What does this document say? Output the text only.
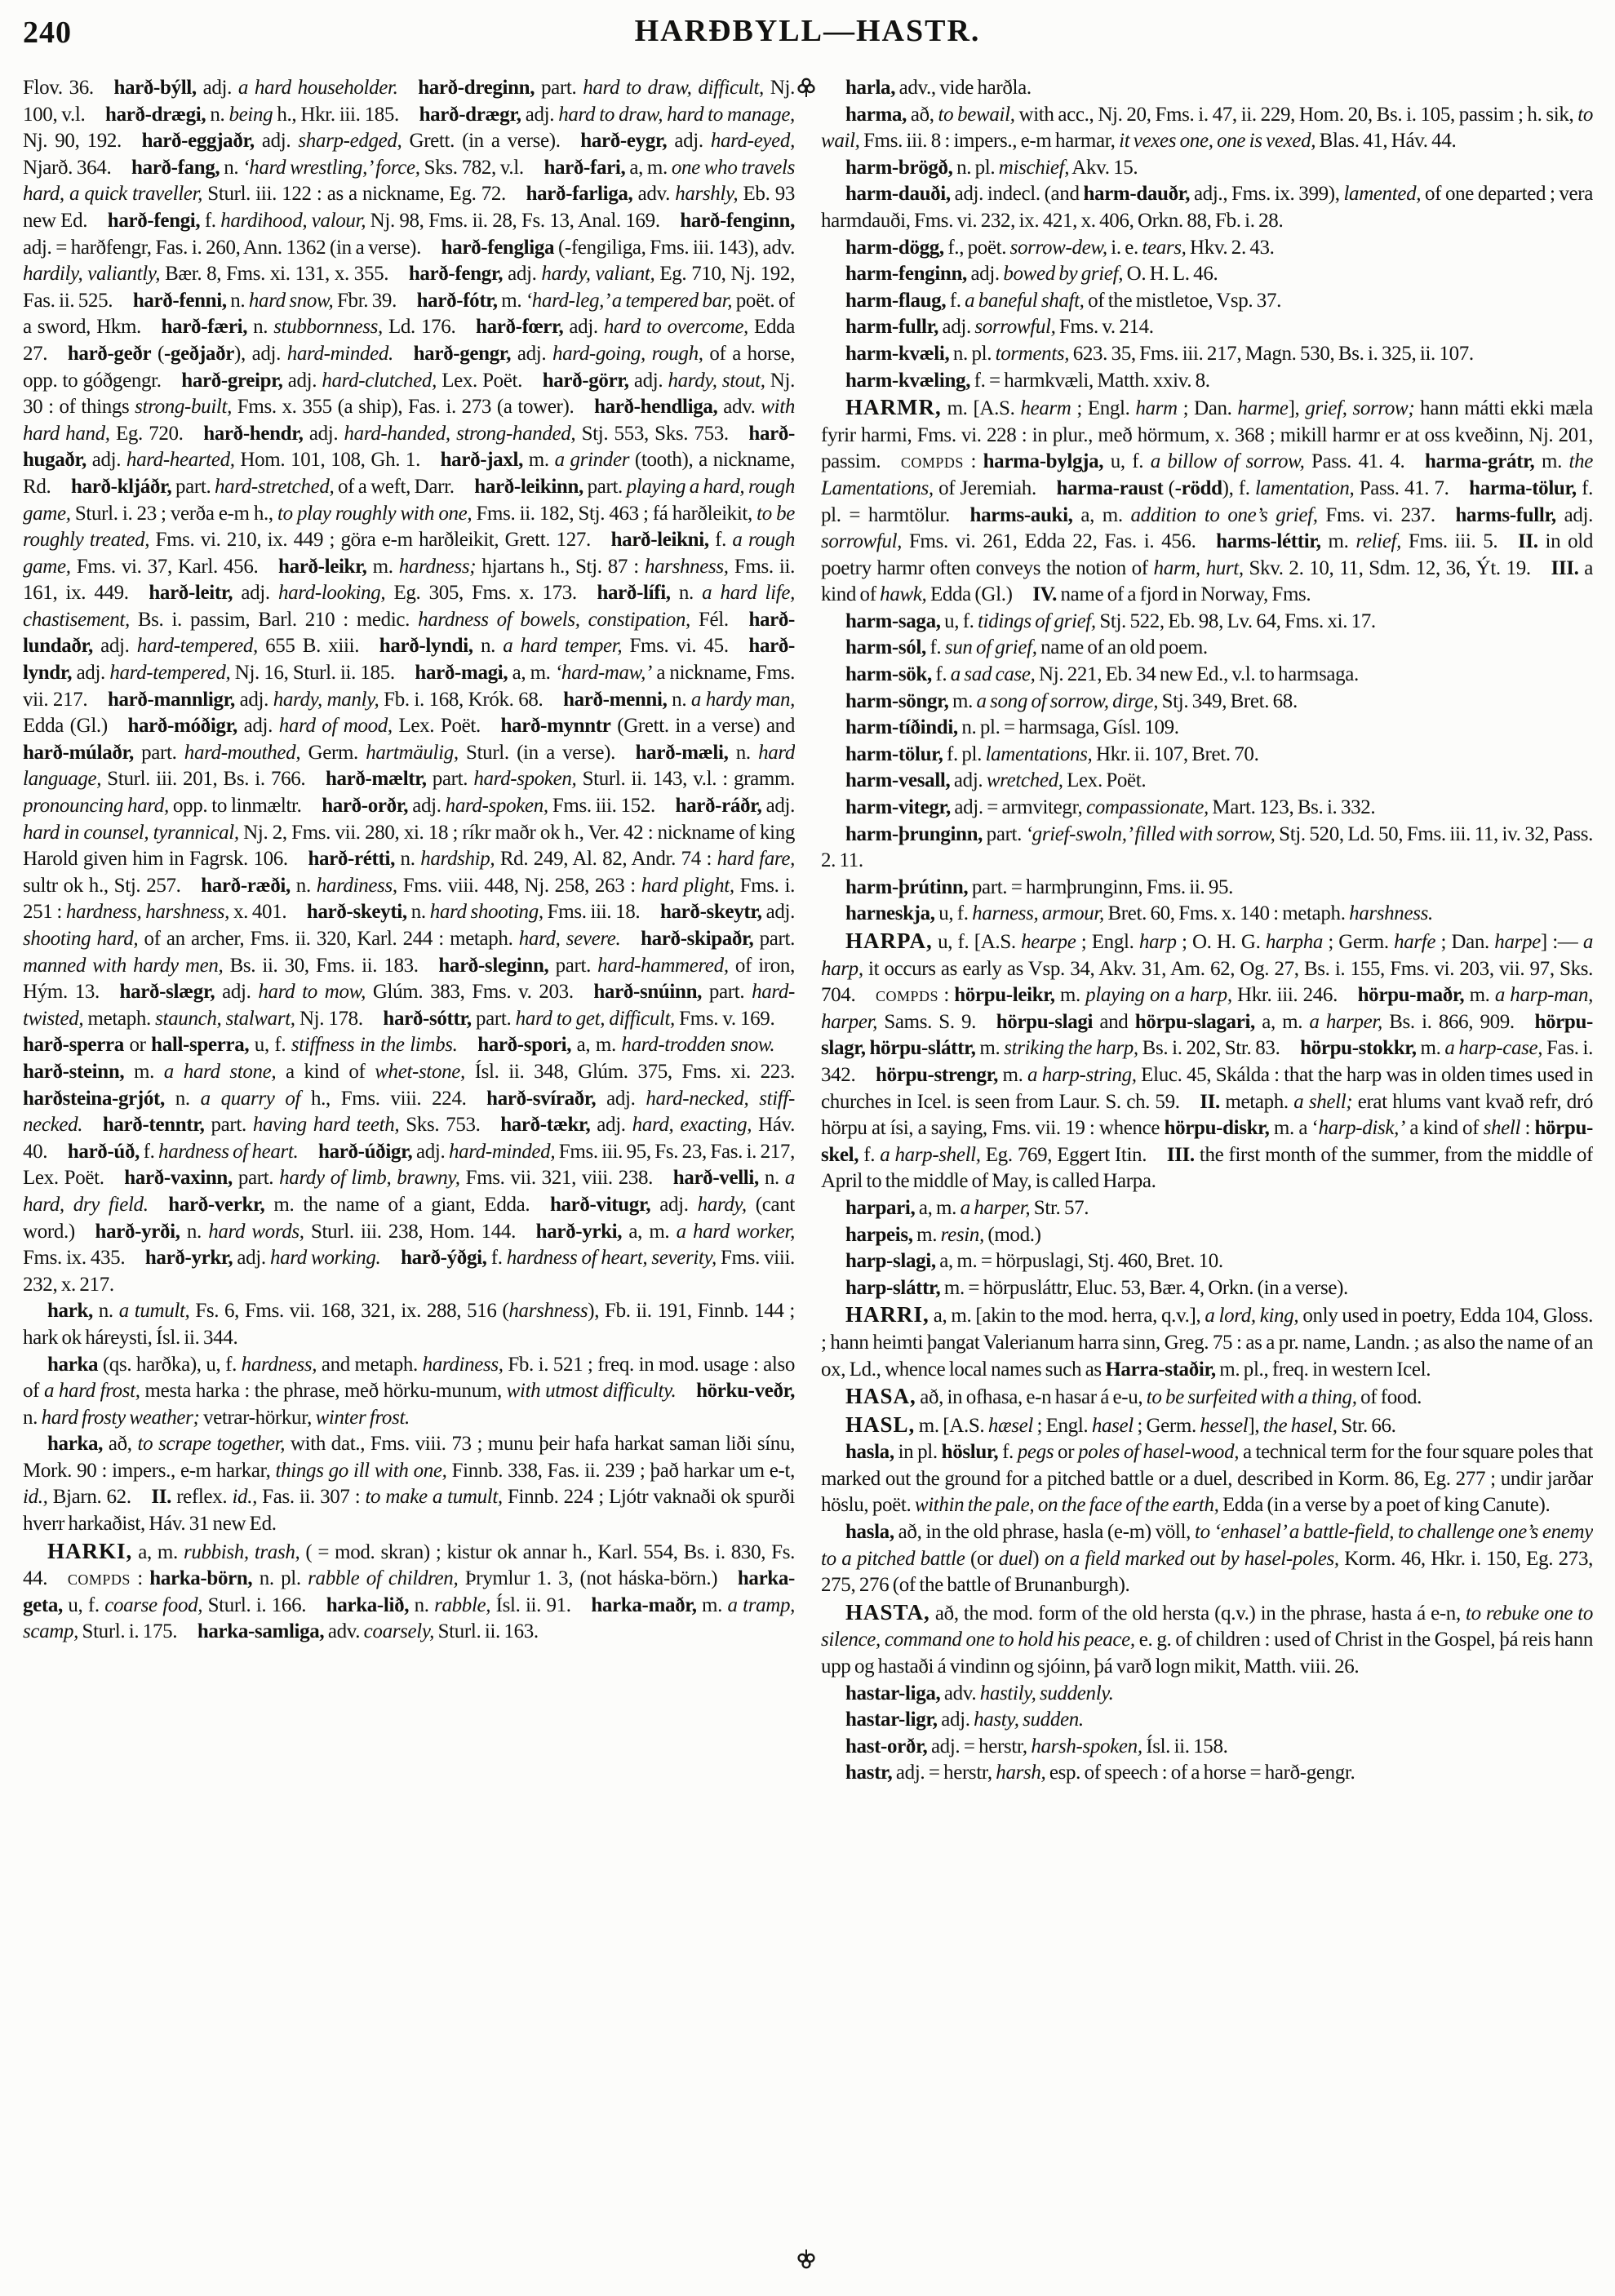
240	HARÐBYLL—HASTR.

Flov. 36. harð-býll, adj. a hard householder.  harð-dreginn, part. hard to draw, difficult, Nj. 100, v.l. harð-drægi, n. being h., Hkr. iii. 185. harð-drægr, adj. hard to draw, hard to manage, Nj. 90, 192. harð-eggjaðr, adj. sharp-edged, Grett. (in a verse). harð-eygr, adj. hard-eyed, Njarð. 364. harð-fang, n. ‘hard wrestling,’ force, Sks. 782, v.l. harð-fari, a, m. one who travels hard, a quick traveller, Sturl. iii. 122 : as a nickname, Eg. 72. harð-farliga, adv. harshly, Eb. 93 new Ed. harð-fengi, f. hardihood, valour, Nj. 98, Fms. ii. 28, Fs. 13, Anal. 169. harð-fenginn, adj. = harðfengr, Fas. i. 260, Ann. 1362 (in a verse). harð-fengliga (-fengiliga, Fms. iii. 143), adv. hardily, valiantly, Bær. 8, Fms. xi. 131, x. 355. harð-fengr, adj. hardy, valiant, Eg. 710, Nj. 192, Fas. ii. 525. harð-fenni, n. hard snow, Fbr. 39. harð-fótr, m. ‘hard-leg,’ a tempered bar, poët. of a sword, Hkm. harð-færi, n. stubbornness, Ld. 176. harð-fœrr, adj. hard to overcome, Edda 27. harð-geðr (-geðjaðr), adj. hard-minded.  harð-gengr, adj. hard-going, rough, of a horse, opp. to góðgengr. harð-greipr, adj. hard-clutched, Lex. Poët. harð-görr, adj. hardy, stout, Nj. 30 : of things strong-built, Fms. x. 355 (a ship), Fas. i. 273 (a tower). harð-hendliga, adv. with hard hand, Eg. 720. harð-hendr, adj. hard-handed, strong-handed, Stj. 553, Sks. 753. harð-hugaðr, adj. hard-hearted, Hom. 101, 108, Gh. 1. harð-jaxl, m. a grinder (tooth), a nickname, Rd. harð-kljáðr, part. hard-stretched, of a weft, Darr. harð-leikinn, part. playing a hard, rough game, Sturl. i. 23 ; verða e-m h., to play roughly with one, Fms. ii. 182, Stj. 463 ; fá harðleikit, to be roughly treated, Fms. vi. 210, ix. 449 ; göra e-m harðleikit, Grett. 127. harð-leikni, f. a rough game, Fms. vi. 37, Karl. 456. harð-leikr, m. hardness; hjartans h., Stj. 87 : harshness, Fms. ii. 161, ix. 449. harð-leitr, adj. hard-looking, Eg. 305, Fms. x. 173. harð-lífi, n. a hard life, chastisement, Bs. i. passim, Barl. 210 : medic. hardness of bowels, constipation, Fél. harð-lundaðr, adj. hard-tempered, 655 B. xiii. harð-lyndi, n. a hard temper, Fms. vi. 45. harð-lyndr, adj. hard-tempered, Nj. 16, Sturl. ii. 185. harð-magi, a, m. ‘hard-maw,’ a nickname, Fms. vii. 217. harð-mannligr, adj. hardy, manly, Fb. i. 168, Krók. 68. harð-menni, n. a hardy man, Edda (Gl.) harð-móðigr, adj. hard of mood, Lex. Poët. harð-mynntr (Grett. in a verse) and harð-múlaðr, part. hard-mouthed, Germ. hartmäulig, Sturl. (in a verse). harð-mæli, n. hard language, Sturl. iii. 201, Bs. i. 766. harð-mæltr, part. hard-spoken, Sturl. ii. 143, v.l. : gramm. pronouncing hard, opp. to linmæltr. harð-orðr, adj. hard-spoken, Fms. iii. 152. harð-ráðr, adj. hard in counsel, tyrannical, Nj. 2, Fms. vii. 280, xi. 18 ; ríkr maðr ok h., Ver. 42 : nickname of king Harold given him in Fagrsk. 106. harð-rétti, n. hardship, Rd. 249, Al. 82, Andr. 74 : hard fare, sultr ok h., Stj. 257. harð-ræði, n. hardiness, Fms. viii. 448, Nj. 258, 263 : hard plight, Fms. i. 251 : hardness, harshness, x. 401. harð-skeyti, n. hard shooting, Fms. iii. 18. harð-skeytr, adj. shooting hard, of an archer, Fms. ii. 320, Karl. 244 : metaph. hard, severe.  harð-skipaðr, part. manned with hardy men, Bs. ii. 30, Fms. ii. 183. harð-sleginn, part. hard-hammered, of iron, Hým. 13. harð-slægr, adj. hard to mow, Glúm. 383, Fms. v. 203. harð-snúinn, part. hard-twisted, metaph. staunch, stalwart, Nj. 178. harð-sóttr, part. hard to get, difficult, Fms. v. 169. harð-sperra or hall-sperra, u, f. stiffness in the limbs.  harð-spori, a, m. hard-trodden snow. harð-steinn, m. a hard stone, a kind of whet-stone, Ísl. ii. 348, Glúm. 375, Fms. xi. 223. harðsteina-grjót, n. a quarry of h., Fms. viii. 224. harð-svíraðr, adj. hard-necked, stiff-necked.  harð-tenntr, part. having hard teeth, Sks. 753. harð-tækr, adj. hard, exacting, Háv. 40. harð-úð, f. hardness of heart.  harð-úðigr, adj. hard-minded, Fms. iii. 95, Fs. 23, Fas. i. 217, Lex. Poët. harð-vaxinn, part. hardy of limb, brawny, Fms. vii. 321, viii. 238. harð-velli, n. a hard, dry field.  harð-verkr, m. the name of a giant, Edda. harð-vitugr, adj. hardy, (cant word.) harð-yrði, n. hard words, Sturl. iii. 238, Hom. 144. harð-yrki, a, m. a hard worker, Fms. ix. 435. harð-yrkr, adj. hard working.  harð-ýðgi, f. hardness of heart, severity, Fms. viii. 232, x. 217.

hark, n. a tumult, Fs. 6, Fms. vii. 168, 321, ix. 288, 516 (harshness), Fb. ii. 191, Finnb. 144 ; hark ok háreysti, Ísl. ii. 344.

harka (qs. harðka), u, f. hardness, and metaph. hardiness, Fb. i. 521 ; freq. in mod. usage : also of a hard frost, mesta harka : the phrase, með hörku-munum, with utmost difficulty.  hörku-veðr, n. hard frosty weather; vetrar-hörkur, winter frost.

harka, að, to scrape together, with dat., Fms. viii. 73 ; munu þeir hafa harkat saman liði sínu, Mork. 90 : impers., e-m harkar, things go ill with one, Finnb. 338, Fas. ii. 239 ; það harkar um e-t, id., Bjarn. 62. II. reflex. id., Fas. ii. 307 : to make a tumult, Finnb. 224 ; Ljótr vaknaði ok spurði hverr harkaðist, Háv. 31 new Ed.

HARKI, a, m. rubbish, trash, ( = mod. skran) ; kistur ok annar h., Karl. 554, Bs. i. 830, Fs. 44. compds : harka-börn, n. pl. rabble of children, Þrymlur 1. 3, (not háska-börn.) harka-geta, u, f. coarse food, Sturl. i. 166. harka-lið, n. rabble, Ísl. ii. 91. harka-maðr, m. a tramp, scamp, Sturl. i. 175. harka-samliga, adv. coarsely, Sturl. ii. 163.

harla, adv., vide harðla.

harma, að, to bewail, with acc., Nj. 20, Fms. i. 47, ii. 229, Hom. 20, Bs. i. 105, passim ; h. sik, to wail, Fms. iii. 8 : impers., e-m harmar, it vexes one, one is vexed, Blas. 41, Háv. 44.

harm-brögð, n. pl. mischief, Akv. 15.

harm-dauði, adj. indecl. (and harm-dauðr, adj., Fms. ix. 399), lamented, of one departed ; vera harmdauði, Fms. vi. 232, ix. 421, x. 406, Orkn. 88, Fb. i. 28.

harm-dögg, f., poët. sorrow-dew, i. e. tears, Hkv. 2. 43.

harm-fenginn, adj. bowed by grief, O. H. L. 46.

harm-flaug, f. a baneful shaft, of the mistletoe, Vsp. 37.

harm-fullr, adj. sorrowful, Fms. v. 214.

harm-kvæli, n. pl. torments, 623. 35, Fms. iii. 217, Magn. 530, Bs. i. 325, ii. 107.

harm-kvæling, f. = harmkvæli, Matth. xxiv. 8.

HARMR, m. [A.S. hearm ; Engl. harm ; Dan. harme], grief, sorrow; hann mátti ekki mæla fyrir harmi, Fms. vi. 228 : in plur., með hörmum, x. 368 ; mikill harmr er at oss kveðinn, Nj. 201, passim. compds : harma-bylgja, u, f. a billow of sorrow, Pass. 41. 4. harma-grátr, m. the Lamentations, of Jeremiah. harma-raust (-rödd), f. lamentation, Pass. 41. 7. harma-tölur, f. pl. = harmtölur. harms-auki, a, m. addition to one’s grief, Fms. vi. 237. harms-fullr, adj. sorrowful, Fms. vi. 261, Edda 22, Fas. i. 456. harms-léttir, m. relief, Fms. iii. 5. II. in old poetry harmr often conveys the notion of harm, hurt, Skv. 2. 10, 11, Sdm. 12, 36, Ýt. 19. III. a kind of hawk, Edda (Gl.) IV. name of a fjord in Norway, Fms.

harm-saga, u, f. tidings of grief, Stj. 522, Eb. 98, Lv. 64, Fms. xi. 17.

harm-sól, f. sun of grief, name of an old poem.

harm-sök, f. a sad case, Nj. 221, Eb. 34 new Ed., v.l. to harmsaga.

harm-söngr, m. a song of sorrow, dirge, Stj. 349, Bret. 68.

harm-tíðindi, n. pl. = harmsaga, Gísl. 109.

harm-tölur, f. pl. lamentations, Hkr. ii. 107, Bret. 70.

harm-vesall, adj. wretched, Lex. Poët.

harm-vitegr, adj. = armvitegr, compassionate, Mart. 123, Bs. i. 332.

harm-þrunginn, part. ‘grief-swoln,’ filled with sorrow, Stj. 520, Ld. 50, Fms. iii. 11, iv. 32, Pass. 2. 11.

harm-þrútinn, part. = harmþrunginn, Fms. ii. 95.

harneskja, u, f. harness, armour, Bret. 60, Fms. x. 140 : metaph. harshness.

HARPA, u, f. [A.S. hearpe ; Engl. harp ; O. H. G. harpha ; Germ. harfe ; Dan. harpe] :— a harp, it occurs as early as Vsp. 34, Akv. 31, Am. 62, Og. 27, Bs. i. 155, Fms. vi. 203, vii. 97, Sks. 704. compds : hörpu-leikr, m. playing on a harp, Hkr. iii. 246. hörpu-maðr, m. a harp-man, harper, Sams. S. 9. hörpu-slagi and hörpu-slagari, a, m. a harper, Bs. i. 866, 909. hörpu-slagr, hörpu-sláttr, m. striking the harp, Bs. i. 202, Str. 83. hörpu-stokkr, m. a harp-case, Fas. i. 342. hörpu-strengr, m. a harp-string, Eluc. 45, Skálda : that the harp was in olden times used in churches in Icel. is seen from Laur. S. ch. 59. II. metaph. a shell; erat hlums vant kvað refr, dró hörpu at ísi, a saying, Fms. vii. 19 : whence hörpu-diskr, m. a ‘harp-disk,’ a kind of shell : hörpu-skel, f. a harp-shell, Eg. 769, Eggert Itin. III. the first month of the summer, from the middle of April to the middle of May, is called Harpa.

harpari, a, m. a harper, Str. 57.

harpeis, m. resin, (mod.)

harp-slagi, a, m. = hörpuslagi, Stj. 460, Bret. 10.

harp-sláttr, m. = hörpusláttr, Eluc. 53, Bær. 4, Orkn. (in a verse).

HARRI, a, m. [akin to the mod. herra, q.v.], a lord, king, only used in poetry, Edda 104, Gloss. ; hann heimti þangat Valerianum harra sinn, Greg. 75 : as a pr. name, Landn. ; as also the name of an ox, Ld., whence local names such as Harra-staðir, m. pl., freq. in western Icel.

HASA, að, in ofhasa, e-n hasar á e-u, to be surfeited with a thing, of food.

HASL, m. [A.S. hæsel ; Engl. hasel ; Germ. hessel], the hasel, Str. 66.

hasla, in pl. höslur, f. pegs or poles of hasel-wood, a technical term for the four square poles that marked out the ground for a pitched battle or a duel, described in Korm. 86, Eg. 277 ; undir jarðar höslu, poët. within the pale, on the face of the earth, Edda (in a verse by a poet of king Canute).

hasla, að, in the old phrase, hasla (e-m) völl, to ‘enhasel’ a battle-field, to challenge one’s enemy to a pitched battle (or duel) on a field marked out by hasel-poles, Korm. 46, Hkr. i. 150, Eg. 273, 275, 276 (of the battle of Brunanburgh).

HASTA, að, the mod. form of the old hersta (q.v.) in the phrase, hasta á e-n, to rebuke one to silence, command one to hold his peace, e. g. of children : used of Christ in the Gospel, þá reis hann upp og hastaði á vindinn og sjóinn, þá varð logn mikit, Matth. viii. 26.

hastar-liga, adv. hastily, suddenly.

hastar-ligr, adj. hasty, sudden.

hast-orðr, adj. = herstr, harsh-spoken, Ísl. ii. 158.

hastr, adj. = herstr, harsh, esp. of speech : of a horse = harð-gengr.
